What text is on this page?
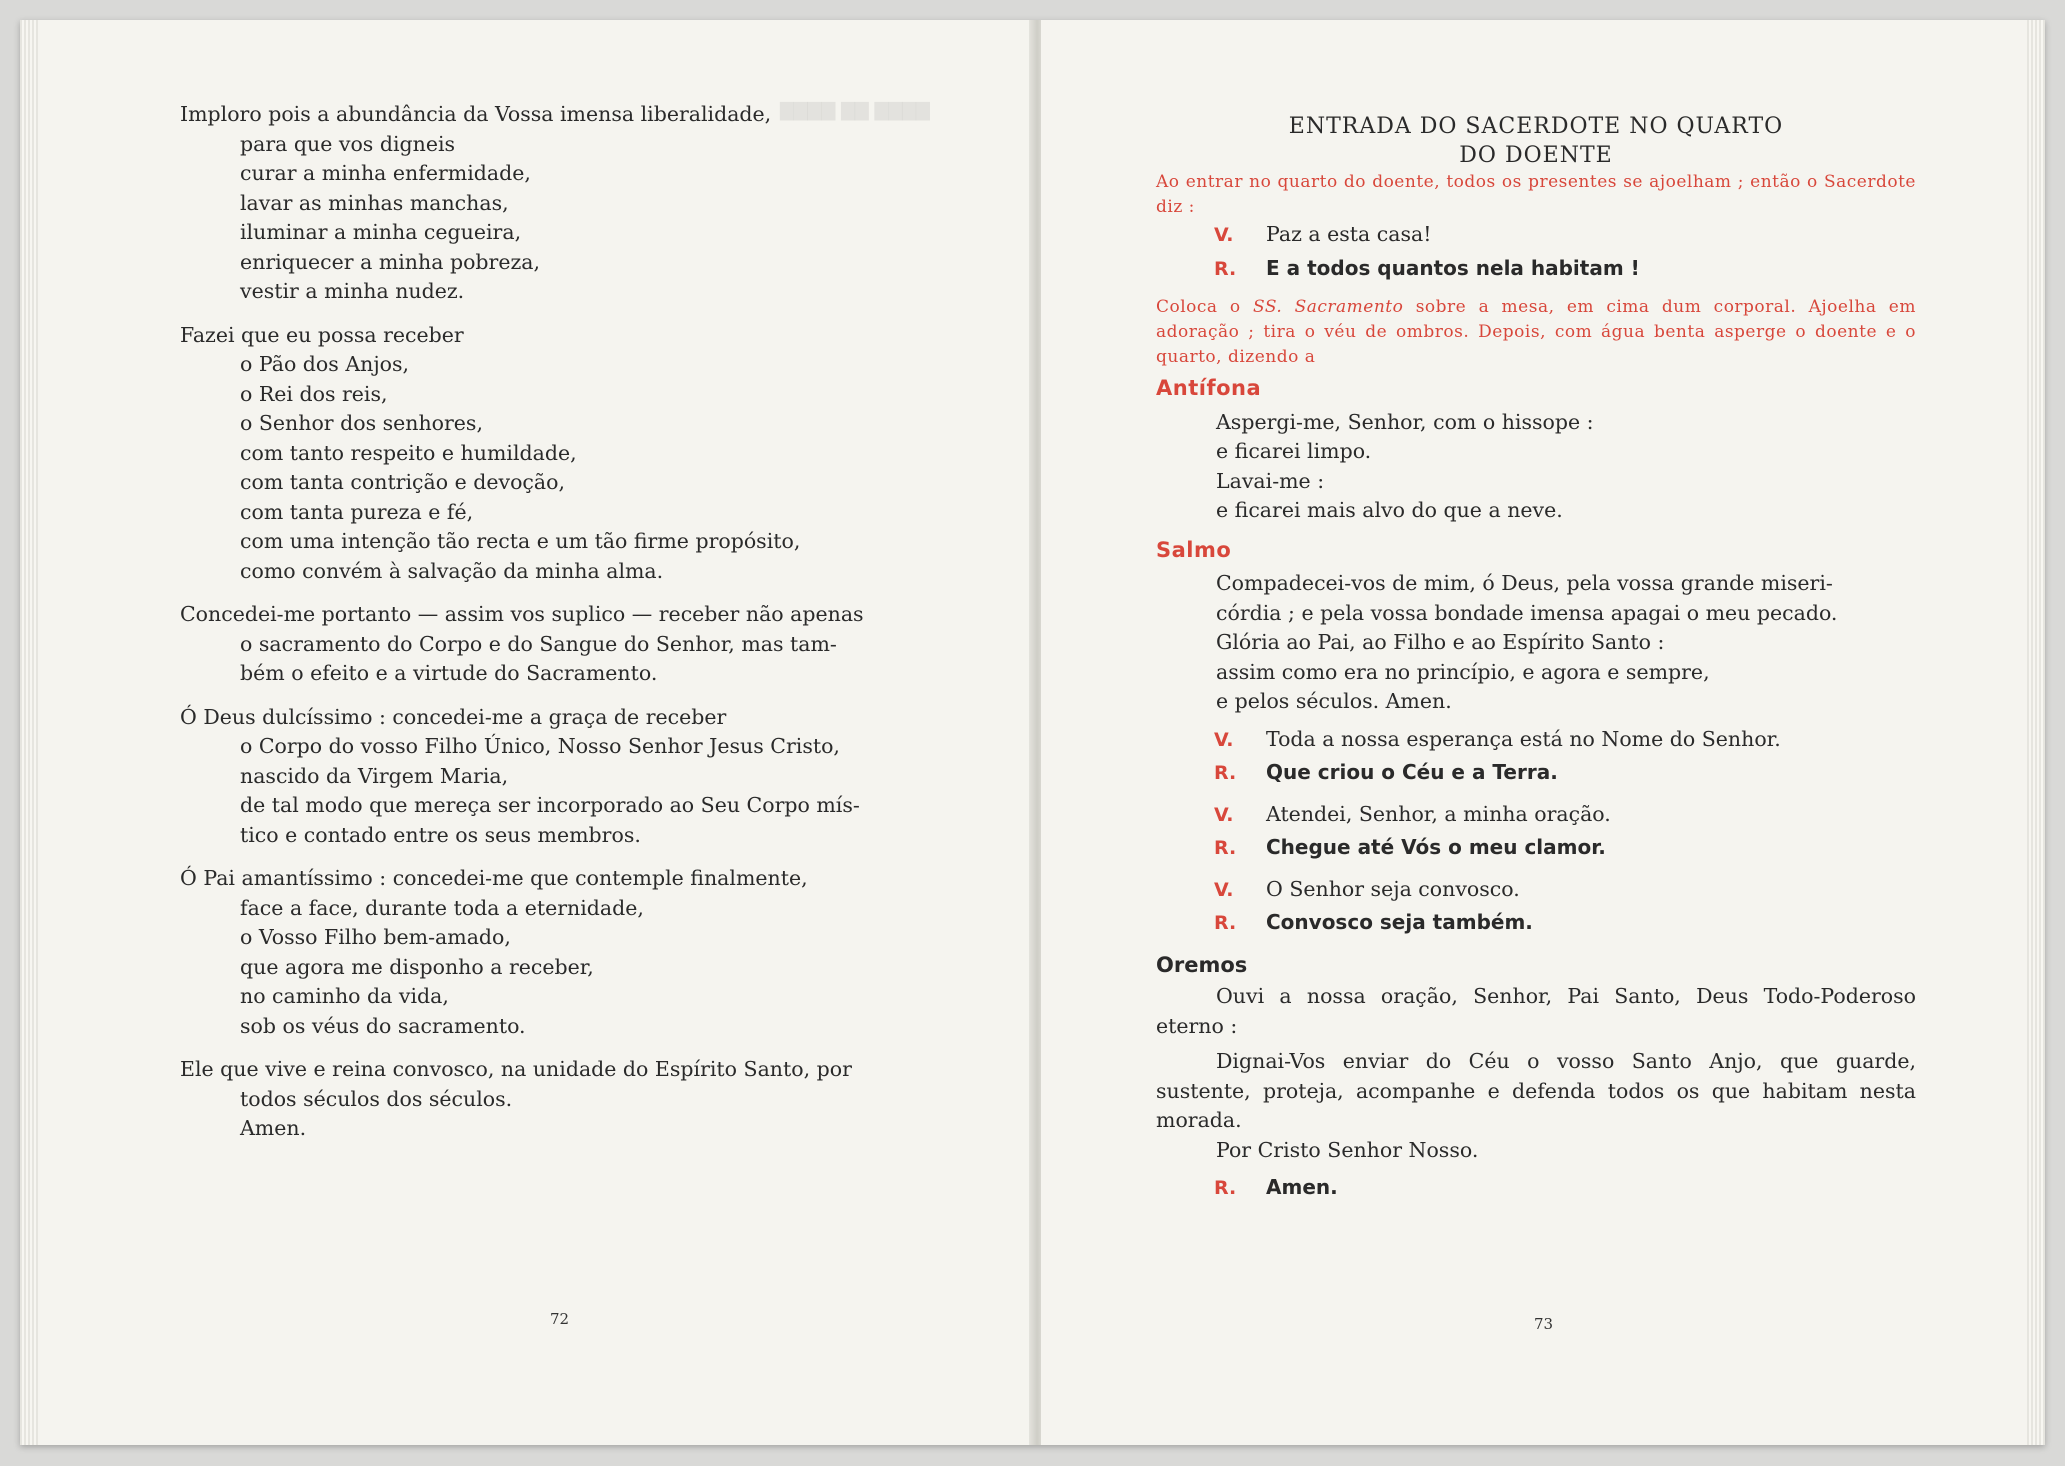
▇▇▇▇ ▇▇ ▇▇▇▇

Imploro pois a abundância da Vossa imensa liberalidade,

para que vos digneis

curar a minha enfermidade,

lavar as minhas manchas,

iluminar a minha cegueira,

enriquecer a minha pobreza,

vestir a minha nudez.

Fazei que eu possa receber

o Pão dos Anjos,

o Rei dos reis,

o Senhor dos senhores,

com tanto respeito e humildade,

com tanta contrição e devoção,

com tanta pureza e fé,

com uma intenção tão recta e um tão firme propósito,

como convém à salvação da minha alma.

Concedei-me portanto — assim vos suplico — receber não apenas

o sacramento do Corpo e do Sangue do Senhor, mas tam-

bém o efeito e a virtude do Sacramento.

Ó Deus dulcíssimo : concedei-me a graça de receber

o Corpo do vosso Filho Único, Nosso Senhor Jesus Cristo,

nascido da Virgem Maria,

de tal modo que mereça ser incorporado ao Seu Corpo mís-

tico e contado entre os seus membros.

Ó Pai amantíssimo : concedei-me que contemple finalmente,

face a face, durante toda a eternidade,

o Vosso Filho bem-amado,

que agora me disponho a receber,

no caminho da vida,

sob os véus do sacramento.

Ele que vive e reina convosco, na unidade do Espírito Santo, por

todos séculos dos séculos.

Amen.

72

ENTRADA DO SACERDOTE NO QUARTO
DO DOENTE

Ao entrar no quarto do doente, todos os presentes se ajoelham ; então o Sacerdote diz :

V.	Paz a esta casa!
R.	E a todos quantos nela habitam !

Coloca o SS. Sacramento sobre a mesa, em cima dum corporal. Ajoelha em adoração ; tira o véu de ombros. Depois, com água benta asperge o doente e o quarto, dizendo a

Antífona

Aspergi-me, Senhor, com o hissope :

e ficarei limpo.

Lavai-me :

e ficarei mais alvo do que a neve.

Salmo

Compadecei-vos de mim, ó Deus, pela vossa grande miseri-

córdia ; e pela vossa bondade imensa apagai o meu pecado.

Glória ao Pai, ao Filho e ao Espírito Santo :

assim como era no princípio, e agora e sempre,

e pelos séculos. Amen.

V.	Toda a nossa esperança está no Nome do Senhor.
R.	Que criou o Céu e a Terra.
V.	Atendei, Senhor, a minha oração.
R.	Chegue até Vós o meu clamor.
V.	O Senhor seja convosco.
R.	Convosco seja também.
Oremos

Ouvi a nossa oração, Senhor, Pai Santo, Deus Todo-Poderoso eterno :

Dignai-Vos enviar do Céu o vosso Santo Anjo, que guarde, sustente, proteja, acompanhe e defenda todos os que habitam nesta morada.

Por Cristo Senhor Nosso.

R.	Amen.
73
